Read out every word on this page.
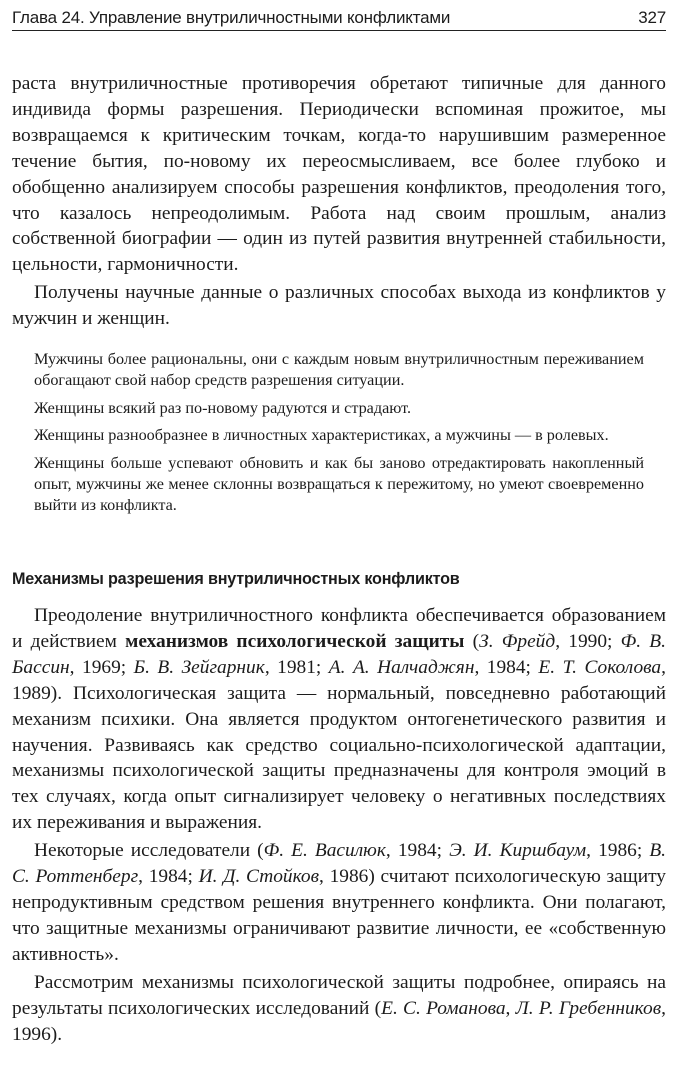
Глава 24. Управление внутриличностными конфликтами	327

раста внутриличностные противоречия обретают типичные для данного индивида формы разрешения. Периодически вспоминая прожитое, мы возвращаемся к критическим точкам, когда-то нарушившим размеренное течение бытия, по-новому их переосмысливаем, все более глубоко и обобщенно анализируем способы разрешения конфликтов, преодоления того, что казалось непреодолимым. Работа над своим прошлым, анализ собственной биографии — один из путей развития внутренней стабильности, цельности, гармоничности.

Получены научные данные о различных способах выхода из конфликтов у мужчин и женщин.

Мужчины более рациональны, они с каждым новым внутриличностным переживанием обогащают свой набор средств разрешения ситуации.

Женщины всякий раз по-новому радуются и страдают.

Женщины разнообразнее в личностных характеристиках, а мужчины — в ролевых.

Женщины больше успевают обновить и как бы заново отредактировать накопленный опыт, мужчины же менее склонны возвращаться к пережитому, но умеют своевременно выйти из конфликта.

Механизмы разрешения внутриличностных конфликтов

Преодоление внутриличностного конфликта обеспечивается образованием и действием механизмов психологической защиты (З. Фрейд, 1990; Ф. В. Бассин, 1969; Б. В. Зейгарник, 1981; А. А. Налчаджян, 1984; Е. Т. Соколова, 1989). Психологическая защита — нормальный, повседневно работающий механизм психики. Она является продуктом онтогенетического развития и научения. Развиваясь как средство социально-психологической адаптации, механизмы психологической защиты предназначены для контроля эмоций в тех случаях, когда опыт сигнализирует человеку о негативных последствиях их переживания и выражения.

Некоторые исследователи (Ф. Е. Василюк, 1984; Э. И. Киршбаум, 1986; В. С. Роттенберг, 1984; И. Д. Стойков, 1986) считают психологическую защиту непродуктивным средством решения внутреннего конфликта. Они полагают, что защитные механизмы ограничивают развитие личности, ее «собственную активность».

Рассмотрим механизмы психологической защиты подробнее, опираясь на результаты психологических исследований (Е. С. Романова, Л. Р. Гребенников, 1996).
